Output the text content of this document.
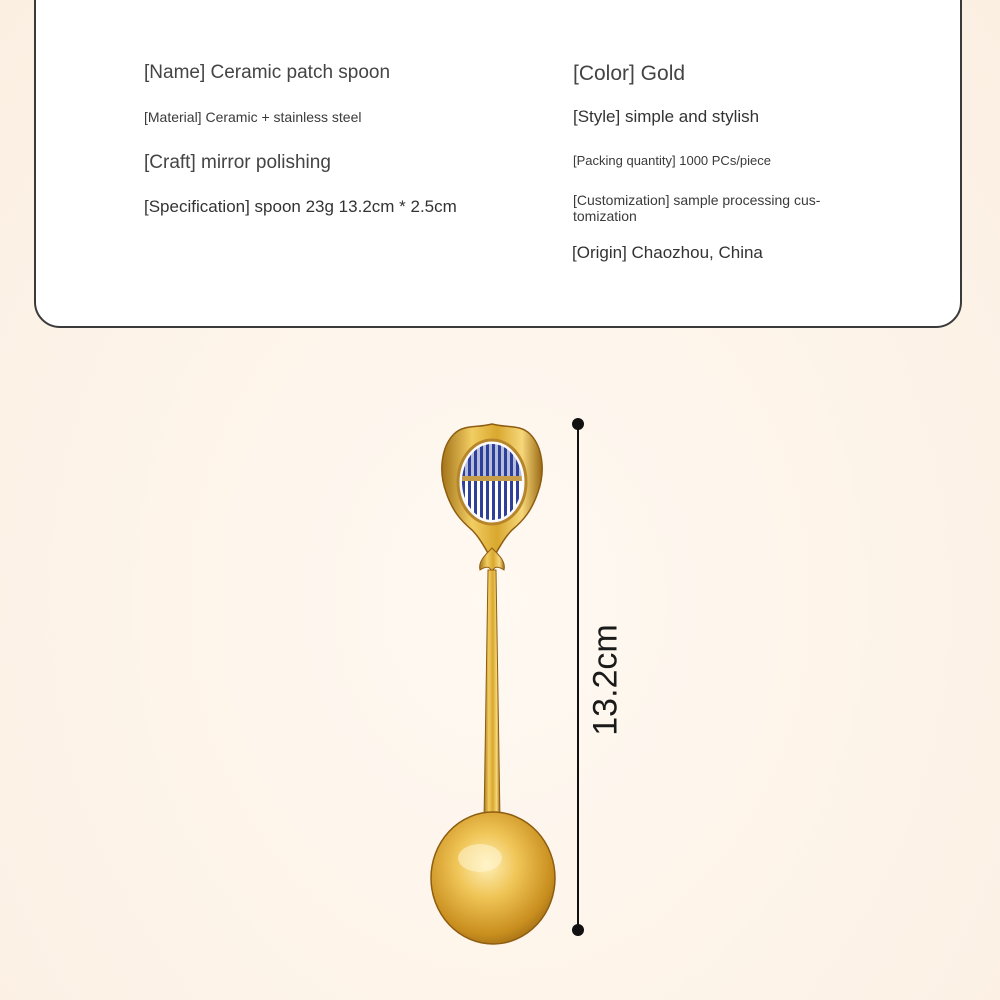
[Name] Ceramic patch spoon

[Material] Ceramic + stainless steel

[Craft] mirror polishing

[Specification] spoon 23g 13.2cm * 2.5cm

[Color] Gold

[Style] simple and stylish

[Packing quantity] 1000 PCs/piece

[Customization] sample processing cus-tomization

[Origin] Chaozhou, China

13.2cm
